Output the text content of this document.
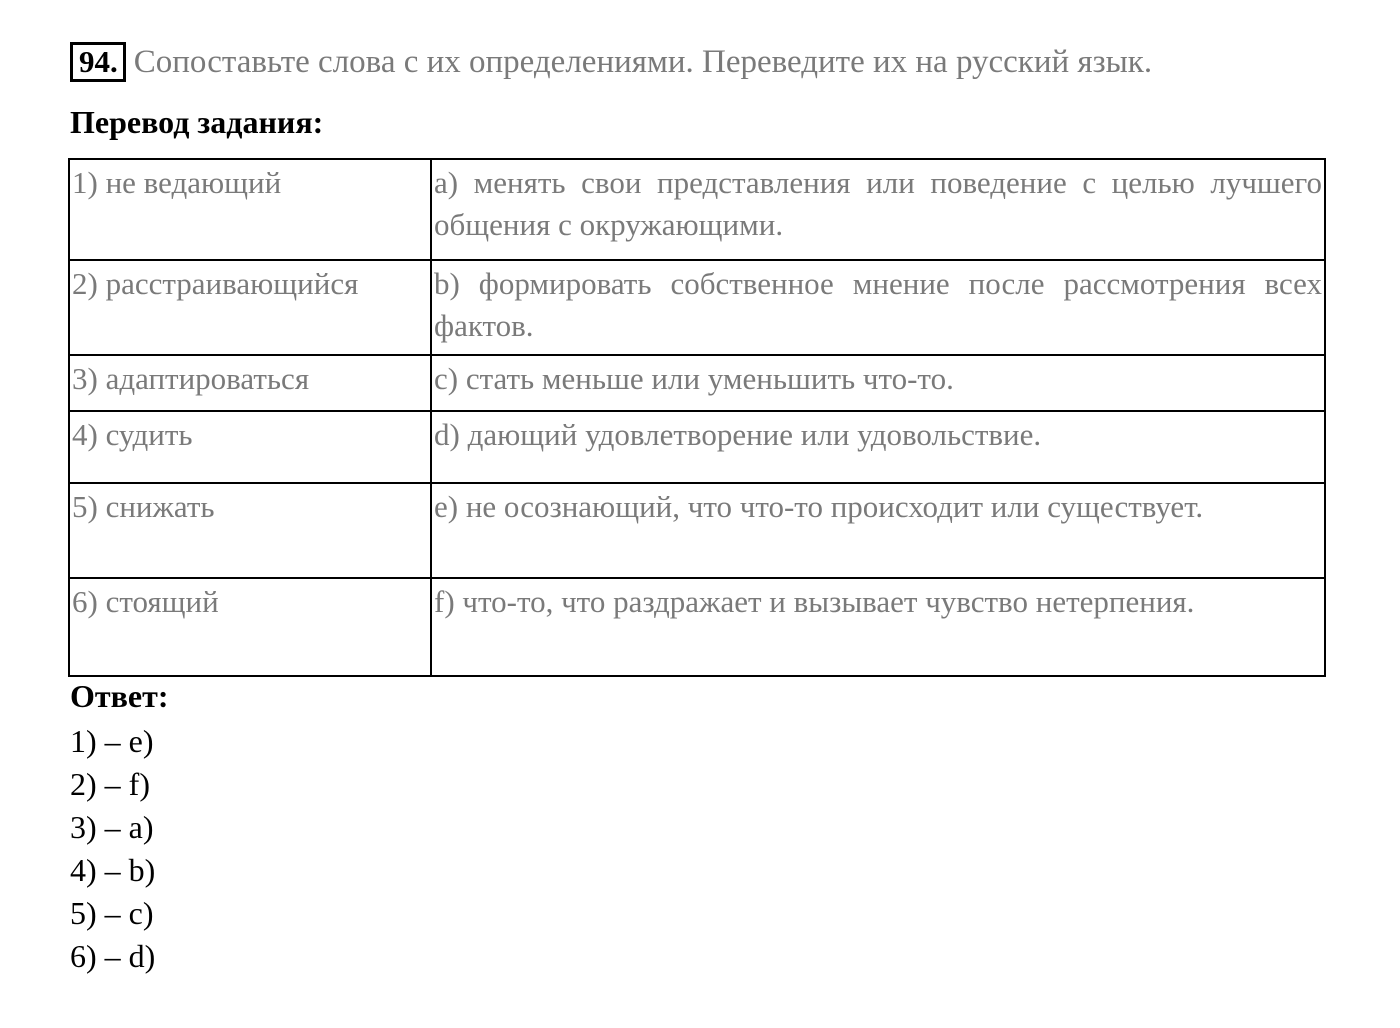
94. Сопоставьте слова с их определениями. Переведите их на русский язык.
Перевод задания:
1) не ведающий	a) менять свои представления или поведение с целью лучшего общения с окружающими.
2) расстраивающийся	b) формировать собственное мнение после рассмотрения всех фактов.
3) адаптироваться	c) стать меньше или уменьшить что-то.
4) судить	d) дающий удовлетворение или удовольствие.
5) снижать	e) не осознающий, что что-то происходит или существует.
6) стоящий	f) что-то, что раздражает и вызывает чувство нетерпения.
Ответ:
1) – e)
2) – f)
3) – a)
4) – b)
5) – c)
6) – d)
